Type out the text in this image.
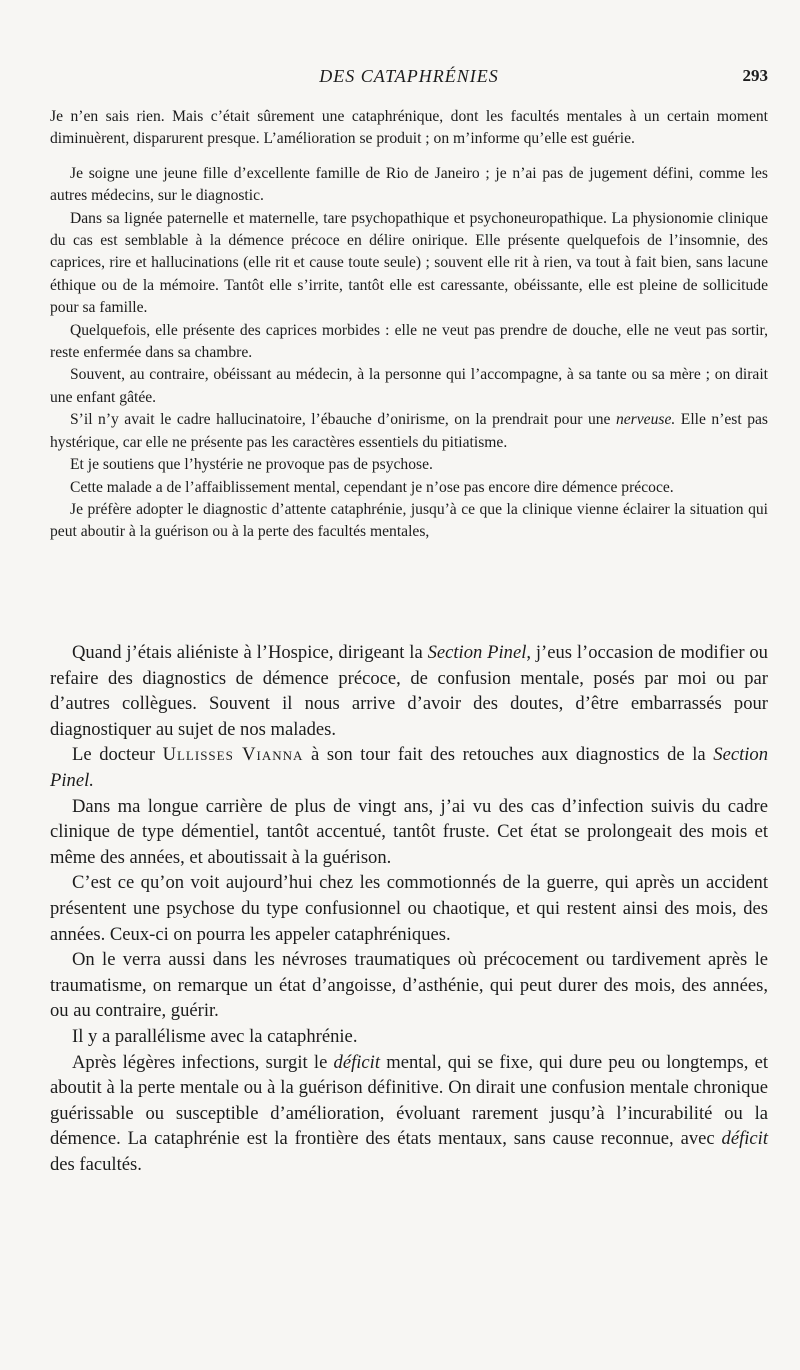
DES CATAPHRÉNIES	293

Je n’en sais rien. Mais c’était sûrement une cataphrénique, dont les facultés mentales à un certain moment diminuèrent, disparurent presque. L’amélioration se produit ; on m’informe qu’elle est guérie.

Je soigne une jeune fille d’excellente famille de Rio de Janeiro ; je n’ai pas de jugement défini, comme les autres médecins, sur le diagnostic.

Dans sa lignée paternelle et maternelle, tare psychopathique et psychoneuropathique. La physionomie clinique du cas est semblable à la démence précoce en délire onirique. Elle présente quelquefois de l’insomnie, des caprices, rire et hallucinations (elle rit et cause toute seule) ; souvent elle rit à rien, va tout à fait bien, sans lacune éthique ou de la mémoire. Tantôt elle s’irrite, tantôt elle est caressante, obéissante, elle est pleine de sollicitude pour sa famille.

Quelquefois, elle présente des caprices morbides : elle ne veut pas prendre de douche, elle ne veut pas sortir, reste enfermée dans sa chambre.

Souvent, au contraire, obéissant au médecin, à la personne qui l’accompagne, à sa tante ou sa mère ; on dirait une enfant gâtée.

S’il n’y avait le cadre hallucinatoire, l’ébauche d’onirisme, on la prendrait pour une nerveuse. Elle n’est pas hystérique, car elle ne présente pas les caractères essentiels du pitiatisme.

Et je soutiens que l’hystérie ne provoque pas de psychose.

Cette malade a de l’affaiblissement mental, cependant je n’ose pas encore dire démence précoce.

Je préfère adopter le diagnostic d’attente cataphrénie, jusqu’à ce que la clinique vienne éclairer la situation qui peut aboutir à la guérison ou à la perte des facultés mentales,

Quand j’étais aliéniste à l’Hospice, dirigeant la Section Pinel, j’eus l’occasion de modifier ou refaire des diagnostics de démence précoce, de confusion mentale, posés par moi ou par d’autres collègues. Souvent il nous arrive d’avoir des doutes, d’être embarrassés pour diagnostiquer au sujet de nos malades.

Le docteur Ullisses Vianna à son tour fait des retouches aux diagnostics de la Section Pinel.

Dans ma longue carrière de plus de vingt ans, j’ai vu des cas d’infection suivis du cadre clinique de type démentiel, tantôt accentué, tantôt fruste. Cet état se prolongeait des mois et même des années, et aboutissait à la guérison.

C’est ce qu’on voit aujourd’hui chez les commotionnés de la guerre, qui après un accident présentent une psychose du type confusionnel ou chaotique, et qui restent ainsi des mois, des années. Ceux-ci on pourra les appeler cataphréniques.

On le verra aussi dans les névroses traumatiques où précocement ou tardivement après le traumatisme, on remarque un état d’angoisse, d’asthénie, qui peut durer des mois, des années, ou au contraire, guérir.

Il y a parallélisme avec la cataphrénie.

Après légères infections, surgit le déficit mental, qui se fixe, qui dure peu ou longtemps, et aboutit à la perte mentale ou à la guérison définitive. On dirait une confusion mentale chronique guérissable ou susceptible d’amélioration, évoluant rarement jusqu’à l’incurabilité ou la démence. La cataphrénie est la frontière des états mentaux, sans cause reconnue, avec déficit des facultés.
